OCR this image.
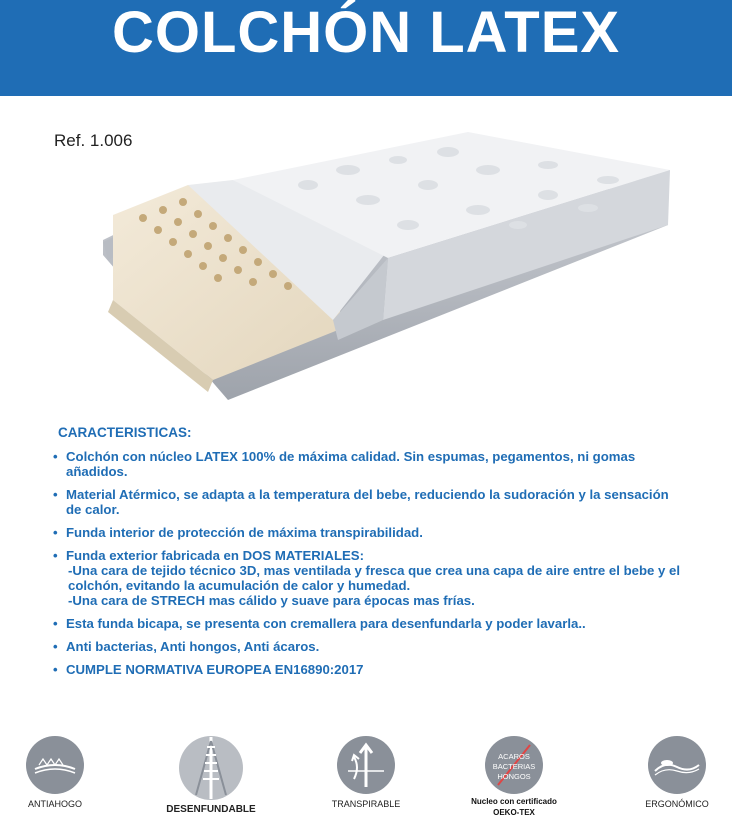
COLCHÓN LATEX
Ref. 1.006
CARACTERISTICAS:
• Colchón con núcleo LATEX 100% de máxima calidad. Sin espumas, pegamentos, ni gomas añadidos.
• Material Atérmico, se adapta a la temperatura del bebe, reduciendo la sudoración y la sensación de calor.
• Funda interior de protección de máxima transpirabilidad.
• Funda exterior fabricada en DOS MATERIALES:
-Una cara de tejido técnico 3D, mas ventilada y fresca que crea una capa de aire entre el bebe y el colchón, evitando la acumulación de calor y humedad.
-Una cara de STRECH mas cálido y suave para épocas mas frías.
• Esta funda bicapa, se presenta con cremallera para desenfundarla y poder lavarla..
• Anti bacterias, Anti hongos, Anti ácaros.
• CUMPLE NORMATIVA EUROPEA EN16890:2017
ANTIAHOGO	DESENFUNDABLE	TRANSPIRABLE
ACAROS
BACTERIAS
HONGOS
Nucleo con certificado
OEKO-TEX
ERGONÓMICO
